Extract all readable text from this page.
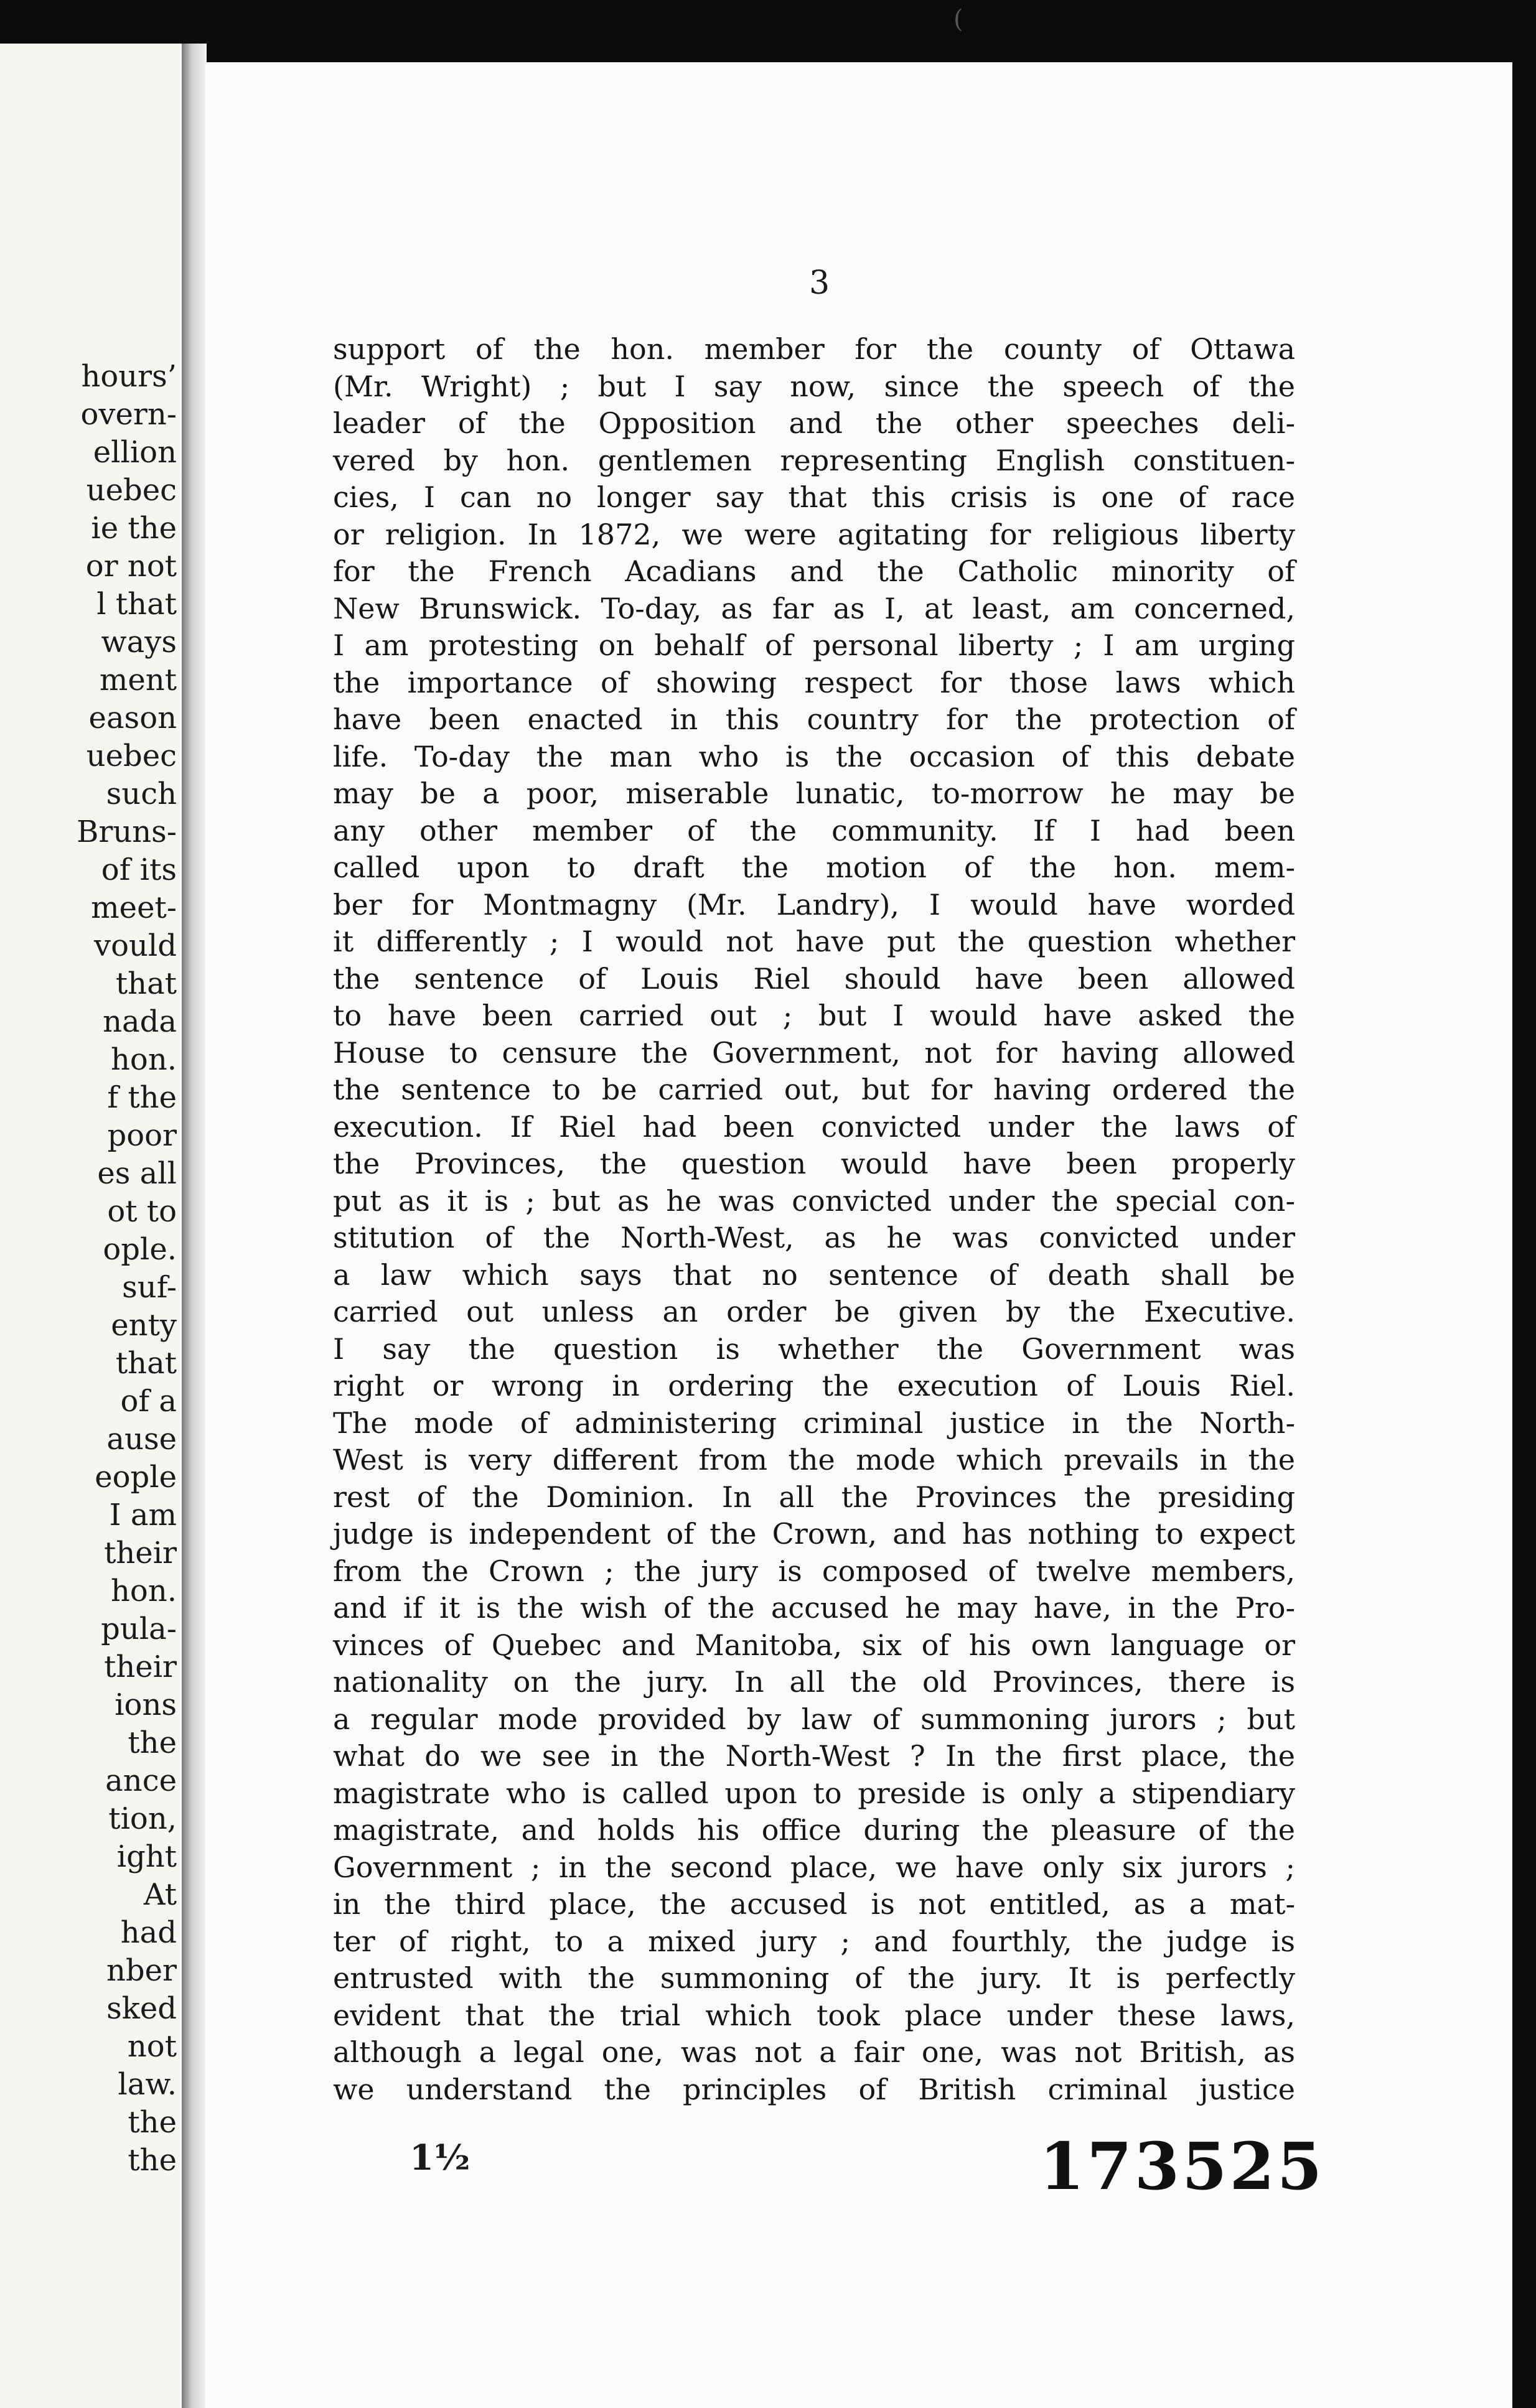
hours’
overn-
ellion
uebec
ie the
or not
l that
ways
ment
eason
uebec
such
Bruns-
of its
meet-
vould
that
nada
hon.
f the
poor
es all
ot to
ople.
suf-
enty
that
of a
ause
eople
I am
their
hon.
pula-
their
ions
the
ance
tion,
ight
At
had
nber
sked
not
law.
the
the
3
support of the hon. member for the county of Ottawa
(Mr. Wright) ; but I say now, since the speech of the
leader of the Opposition and the other speeches deli-
vered by hon. gentlemen representing English constituen-
cies, I can no longer say that this crisis is one of race
or religion. In 1872, we were agitating for religious liberty
for the French Acadians and the Catholic minority of
New Brunswick. To-day, as far as I, at least, am concerned,
I am protesting on behalf of personal liberty ; I am urging
the importance of showing respect for those laws which
have been enacted in this country for the protection of
life. To-day the man who is the occasion of this debate
may be a poor, miserable lunatic, to-morrow he may be
any other member of the community. If I had been
called upon to draft the motion of the hon. mem-
ber for Montmagny (Mr. Landry), I would have worded
it differently ; I would not have put the question whether
the sentence of Louis Riel should have been allowed
to have been carried out ; but I would have asked the
House to censure the Government, not for having allowed
the sentence to be carried out, but for having ordered the
execution. If Riel had been convicted under the laws of
the Provinces, the question would have been properly
put as it is ; but as he was convicted under the special con-
stitution of the North-West, as he was convicted under
a law which says that no sentence of death shall be
carried out unless an order be given by the Executive.
I say the question is whether the Government was
right or wrong in ordering the execution of Louis Riel.
The mode of administering criminal justice in the North-
West is very different from the mode which prevails in the
rest of the Dominion. In all the Provinces the presiding
judge is independent of the Crown, and has nothing to expect
from the Crown ; the jury is composed of twelve members,
and if it is the wish of the accused he may have, in the Pro-
vinces of Quebec and Manitoba, six of his own language or
nationality on the jury. In all the old Provinces, there is
a regular mode provided by law of summoning jurors ; but
what do we see in the North-West ? In the first place, the
magistrate who is called upon to preside is only a stipendiary
magistrate, and holds his office during the pleasure of the
Government ; in the second place, we have only six jurors ;
in the third place, the accused is not entitled, as a mat-
ter of right, to a mixed jury ; and fourthly, the judge is
entrusted with the summoning of the jury. It is perfectly
evident that the trial which took place under these laws,
although a legal one, was not a fair one, was not British, as
we understand the principles of British criminal justice
1½	173525
(
